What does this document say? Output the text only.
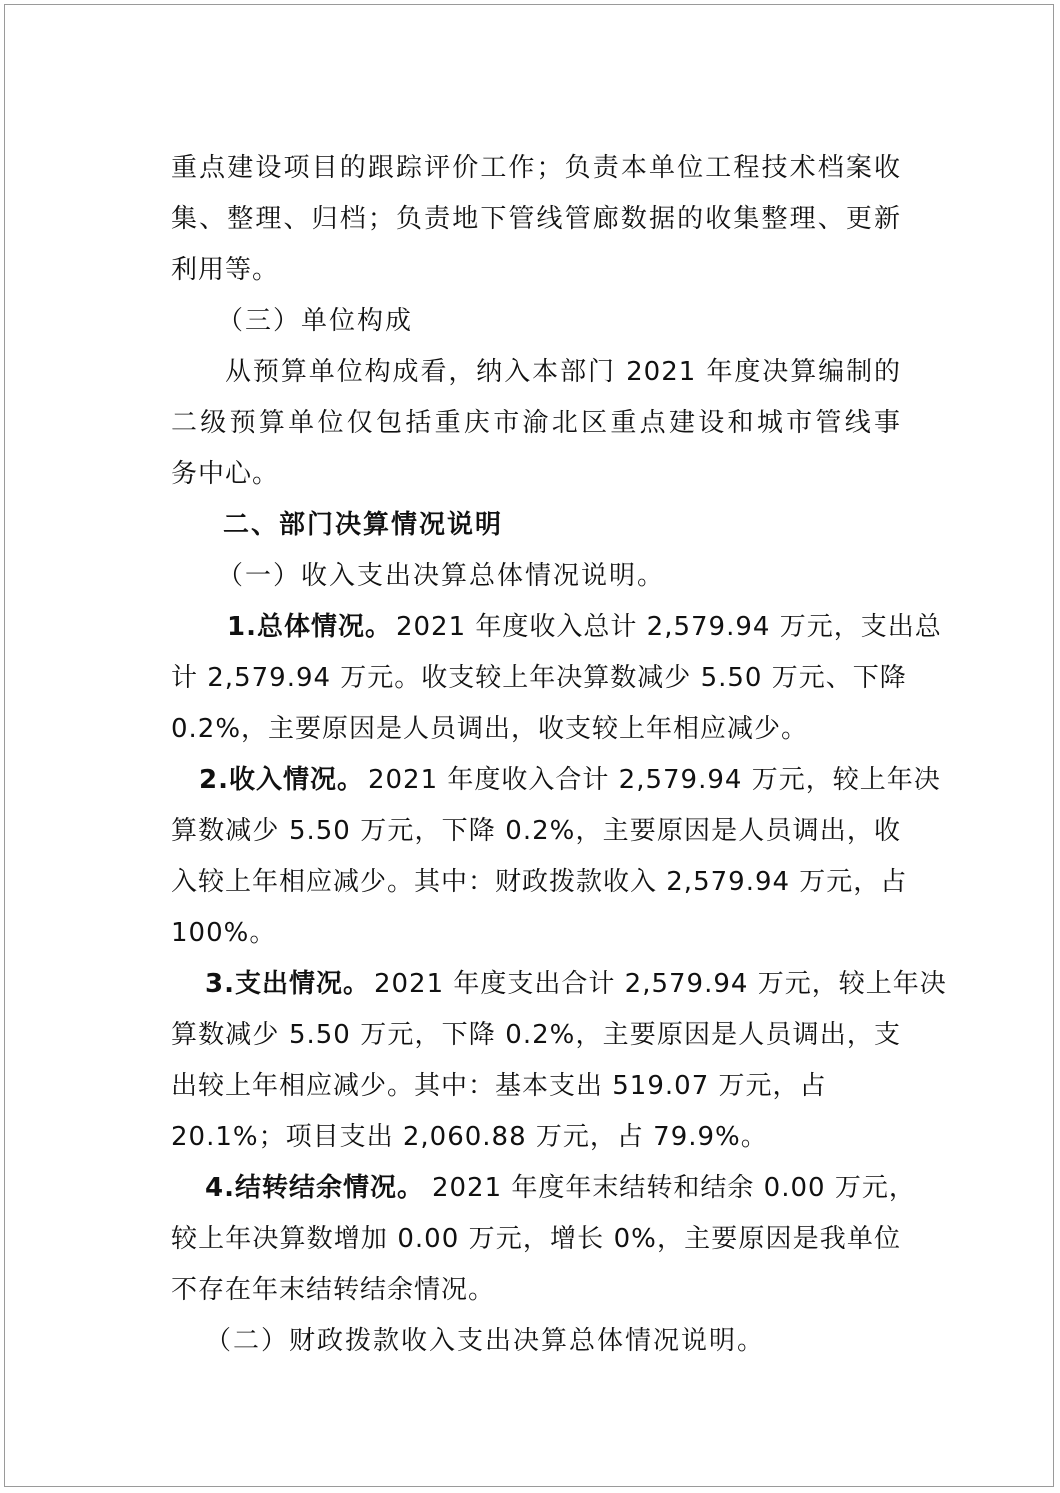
重点建设项目的跟踪评价工作；负责本单位工程技术档案收
集、整理、归档；负责地下管线管廊数据的收集整理、更新
利用等。
（三）单位构成
从预算单位构成看，纳入本部门 2021 年度决算编制的
二级预算单位仅包括重庆市渝北区重点建设和城市管线事
务中心。
二、部门决算情况说明
（一）收入支出决算总体情况说明。
1.总体情况。 2021 年度收入总计 2,579.94 万元，支出总
计 2,579.94 万元。收支较上年决算数减少 5.50 万元、下降
0.2%，主要原因是人员调出，收支较上年相应减少。
2.收入情况。 2021 年度收入合计 2,579.94 万元，较上年决
算数减少 5.50 万元，下降 0.2%，主要原因是人员调出，收
入较上年相应减少。其中：财政拨款收入 2,579.94 万元，占
100%。
3.支出情况。 2021 年度支出合计 2,579.94 万元，较上年决
算数减少 5.50 万元，下降 0.2%，主要原因是人员调出，支
出较上年相应减少。其中：基本支出 519.07 万元，占
20.1%；项目支出 2,060.88 万元，占 79.9%。
4.结转结余情况。 2021 年度年末结转和结余 0.00 万元，
较上年决算数增加 0.00 万元，增长 0%，主要原因是我单位
不存在年末结转结余情况。
（二）财政拨款收入支出决算总体情况说明。
